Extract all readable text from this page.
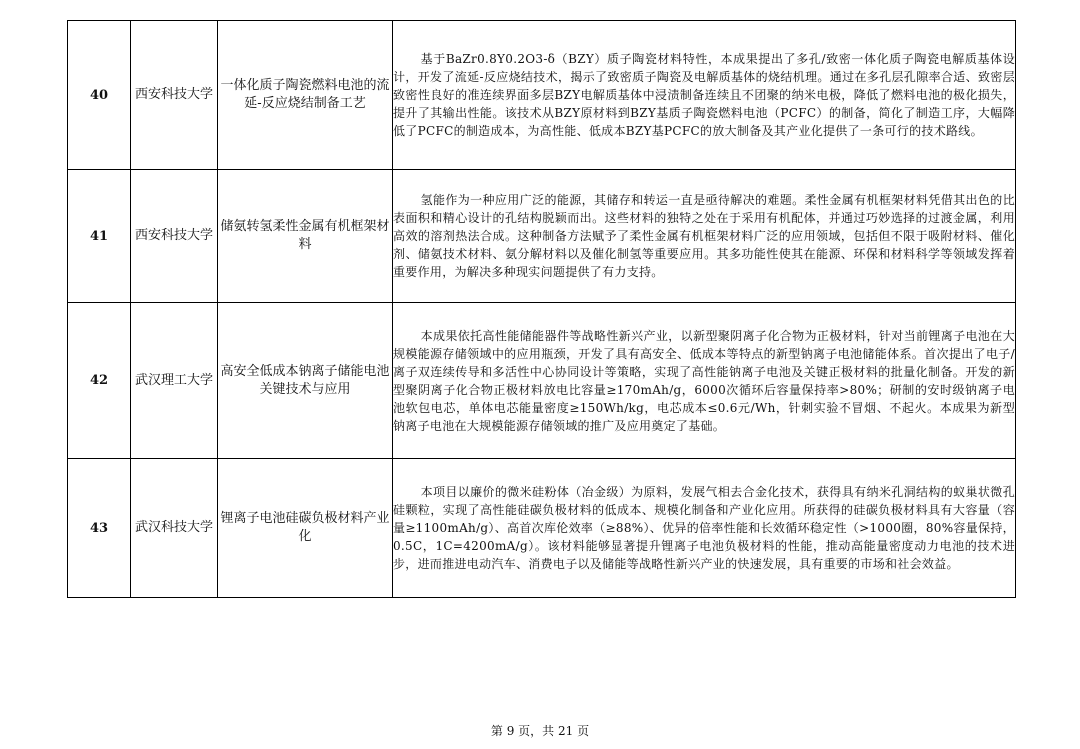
40	西安科技大学	一体化质子陶瓷燃料电池的流延-反应烧结制备工艺	基于BaZr0.8Y0.2O3-δ（BZY）质子陶瓷材料特性，本成果提出了多孔/致密一体化质子陶瓷电解质基体设计，开发了流延-反应烧结技术，揭示了致密质子陶瓷及电解质基体的烧结机理。通过在多孔层孔隙率合适、致密层致密性良好的准连续界面多层BZY电解质基体中浸渍制备连续且不团聚的纳米电极，降低了燃料电池的极化损失，提升了其输出性能。该技术从BZY原材料到BZY基质子陶瓷燃料电池（PCFC）的制备，简化了制造工序，大幅降低了PCFC的制造成本，为高性能、低成本BZY基PCFC的放大制备及其产业化提供了一条可行的技术路线。
41	西安科技大学	储氨转氢柔性金属有机框架材料	氢能作为一种应用广泛的能源，其储存和转运一直是亟待解决的难题。柔性金属有机框架材料凭借其出色的比表面积和精心设计的孔结构脱颖而出。这些材料的独特之处在于采用有机配体，并通过巧妙选择的过渡金属，利用高效的溶剂热法合成。这种制备方法赋予了柔性金属有机框架材料广泛的应用领域，包括但不限于吸附材料、催化剂、储氨技术材料、氨分解材料以及催化制氢等重要应用。其多功能性使其在能源、环保和材料科学等领域发挥着重要作用，为解决多种现实问题提供了有力支持。
42	武汉理工大学	高安全低成本钠离子储能电池关键技术与应用	本成果依托高性能储能器件等战略性新兴产业，以新型聚阴离子化合物为正极材料，针对当前锂离子电池在大规模能源存储领域中的应用瓶颈，开发了具有高安全、低成本等特点的新型钠离子电池储能体系。首次提出了电子/离子双连续传导和多活性中心协同设计等策略，实现了高性能钠离子电池及关键正极材料的批量化制备。开发的新型聚阴离子化合物正极材料放电比容量≥170mAh/g，6000次循环后容量保持率>80%；研制的安时级钠离子电池软包电芯，单体电芯能量密度≥150Wh/kg，电芯成本≤0.6元/Wh，针刺实验不冒烟、不起火。本成果为新型钠离子电池在大规模能源存储领域的推广及应用奠定了基础。
43	武汉科技大学	锂离子电池硅碳负极材料产业化	本项目以廉价的微米硅粉体（冶金级）为原料，发展气相去合金化技术，获得具有纳米孔洞结构的蚁巢状微孔硅颗粒，实现了高性能硅碳负极材料的低成本、规模化制备和产业化应用。所获得的硅碳负极材料具有大容量（容量≥1100mAh/g）、高首次库伦效率（≥88%）、优异的倍率性能和长效循环稳定性（>1000圈，80%容量保持，0.5C，1C=4200mA/g）。该材料能够显著提升锂离子电池负极材料的性能，推动高能量密度动力电池的技术进步，进而推进电动汽车、消费电子以及储能等战略性新兴产业的快速发展，具有重要的市场和社会效益。
第 9 页，共 21 页
